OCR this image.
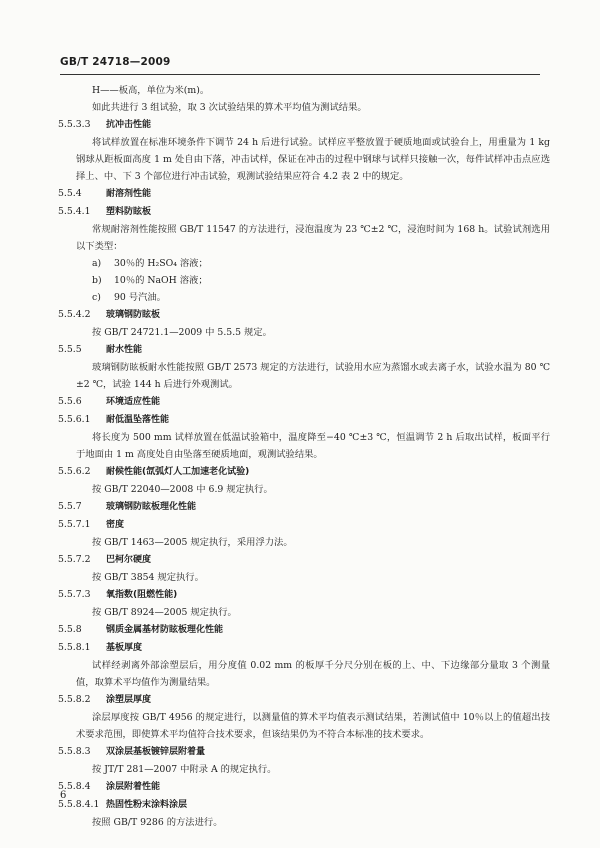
GB/T 24718—2009
H——板高，单位为米(m)。
如此共进行 3 组试验，取 3 次试验结果的算术平均值为测试结果。
5.5.3.3 抗冲击性能
将试样放置在标准环境条件下调节 24 h 后进行试验。试样应平整放置于硬质地面或试验台上，用重量为 1 kg 钢球从距板面高度 1 m 处自由下落，冲击试样，保证在冲击的过程中钢球与试样只接触一次，每件试样冲击点应选择上、中、下 3 个部位进行冲击试验，观测试验结果应符合 4.2 表 2 中的规定。
5.5.4	耐溶剂性能
5.5.4.1 塑料防眩板
常规耐溶剂性能按照 GB/T 11547 的方法进行，浸泡温度为 23 ℃±2 ℃，浸泡时间为 168 h。试验试剂选用以下类型：
a) 30％的 H₂SO₄ 溶液；
b) 10％的 NaOH 溶液；
c) 90 号汽油。
5.5.4.2 玻璃钢防眩板
按 GB/T 24721.1—2009 中 5.5.5 规定。
5.5.5	耐水性能
玻璃钢防眩板耐水性能按照 GB/T 2573 规定的方法进行，试验用水应为蒸馏水或去离子水，试验水温为 80 ℃±2 ℃，试验 144 h 后进行外观测试。
5.5.6	环境适应性能
5.5.6.1 耐低温坠落性能
将长度为 500 mm 试样放置在低温试验箱中，温度降至−40 ℃±3 ℃，恒温调节 2 h 后取出试样，板面平行于地面由 1 m 高度处自由坠落至硬质地面，观测试验结果。
5.5.6.2 耐候性能(氙弧灯人工加速老化试验)
按 GB/T 22040—2008 中 6.9 规定执行。
5.5.7	玻璃钢防眩板理化性能
5.5.7.1 密度
按 GB/T 1463—2005 规定执行，采用浮力法。
5.5.7.2 巴柯尔硬度
按 GB/T 3854 规定执行。
5.5.7.3 氧指数(阻燃性能)
按 GB/T 8924—2005 规定执行。
5.5.8	钢质金属基材防眩板理化性能
5.5.8.1 基板厚度
试样经剥离外部涂塑层后，用分度值 0.02 mm 的板厚千分尺分别在板的上、中、下边缘部分量取 3 个测量值，取算术平均值作为测量结果。
5.5.8.2 涂塑层厚度
涂层厚度按 GB/T 4956 的规定进行，以测量值的算术平均值表示测试结果，若测试值中 10％以上的值超出技术要求范围，即使算术平均值符合技术要求，但该结果仍为不符合本标准的技术要求。
5.5.8.3 双涂层基板镀锌层附着量
按 JT/T 281—2007 中附录 A 的规定执行。
5.5.8.4 涂层附着性能
5.5.8.4.1 热固性粉末涂料涂层
按照 GB/T 9286 的方法进行。
6
